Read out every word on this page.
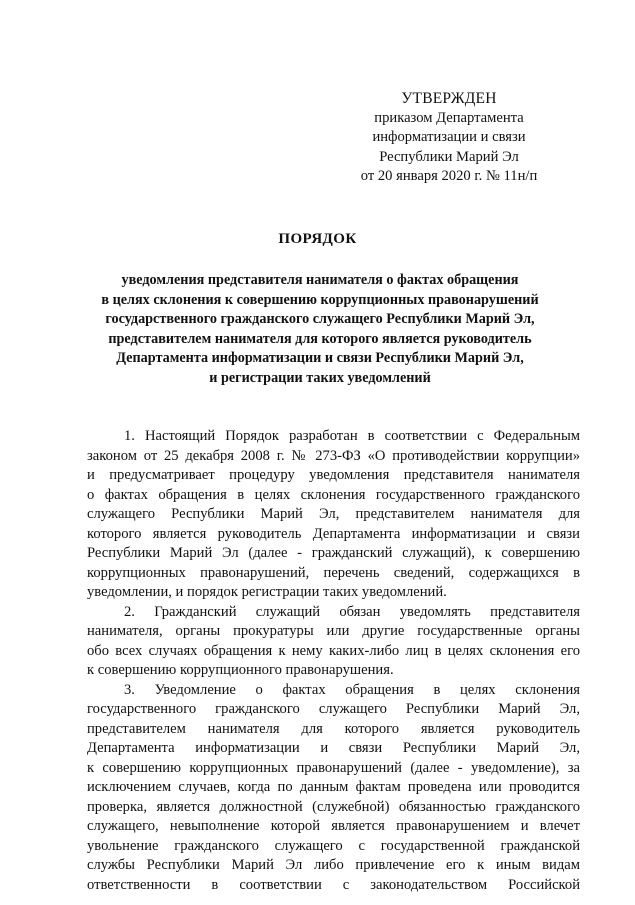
УТВЕРЖДЕН
приказом Департамента
информатизации и связи
Республики Марий Эл
от 20 января 2020 г. № 11н/п
ПОРЯДОК
уведомления представителя нанимателя о фактах обращения
в целях склонения к совершению коррупционных правонарушений
государственного гражданского служащего Республики Марий Эл,
представителем нанимателя для которого является руководитель
Департамента информатизации и связи Республики Марий Эл,
и регистрации таких уведомлений
1. Настоящий Порядок разработан в соответствии с Федеральным
законом от 25 декабря 2008 г. № 273-ФЗ «О противодействии коррупции»
и предусматривает процедуру уведомления представителя нанимателя
о фактах обращения в целях склонения государственного гражданского
служащего Республики Марий Эл, представителем нанимателя для
которого является руководитель Департамента информатизации и связи
Республики Марий Эл (далее - гражданский служащий), к совершению
коррупционных правонарушений, перечень сведений, содержащихся в
уведомлении, и порядок регистрации таких уведомлений.
2. Гражданский служащий обязан уведомлять представителя
нанимателя, органы прокуратуры или другие государственные органы
обо всех случаях обращения к нему каких-либо лиц в целях склонения его
к совершению коррупционного правонарушения.
3. Уведомление о фактах обращения в целях склонения
государственного гражданского служащего Республики Марий Эл,
представителем нанимателя для которого является руководитель
Департамента информатизации и связи Республики Марий Эл,
к совершению коррупционных правонарушений (далее - уведомление), за
исключением случаев, когда по данным фактам проведена или проводится
проверка, является должностной (служебной) обязанностью гражданского
служащего, невыполнение которой является правонарушением и влечет
увольнение гражданского служащего с государственной гражданской
службы Республики Марий Эл либо привлечение его к иным видам
ответственности в соответствии с законодательством Российской
